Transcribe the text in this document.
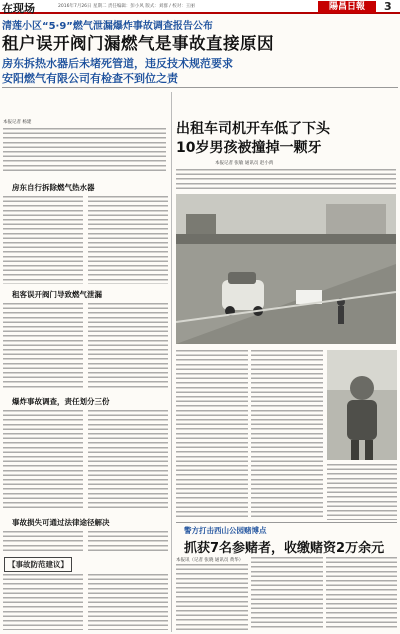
在现场	2016年7月26日 星期二 责任编辑：彭小风 版式：刘群 / 校对：王丽	陽昌日報	3
清莲小区“5·9”燃气泄漏爆炸事故调查报告公布
租户误开阀门漏燃气是事故直接原因
房东拆热水器后未堵死管道，违反技术规范要求
安阳燃气有限公司有检查不到位之责
本报记者 杨建
房东自行拆除燃气热水器
租客误开阀门导致燃气泄漏
爆炸事故调查，责任划分三份
事故损失可通过法律途径解决
【事故防范建议】
出租车司机开车低了下头
10岁男孩被撞掉一颗牙
本报记者 张敏 通讯员 赵小禹
警方打击西山公园赌博点
抓获7名参赌者，收缴赌资2万余元
本报讯（记者 张晓 通讯员 黄华）
